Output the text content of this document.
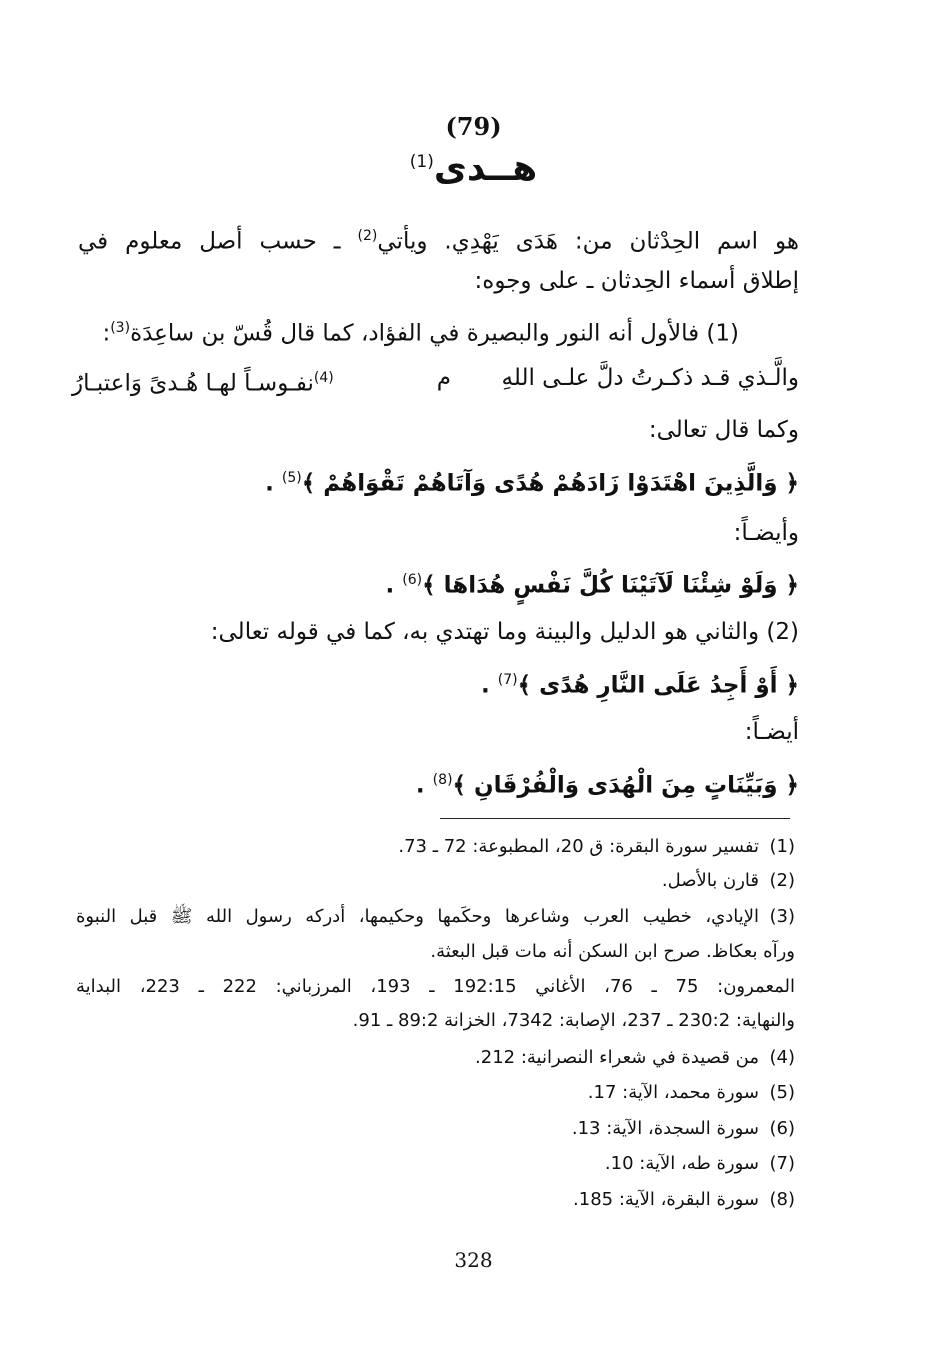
(79)
هــدى$^{(1)}$
هو اسم الحِدْثان من: هَدَى يَهْدِي. ويأتي$^{(2)}$ ـ حسب أصل معلوم في
إطلاق أسماء الحِدثان ـ على وجوه:
(1) فالأول أنه النور والبصيرة في الفؤاد، كما قال قُسّ بن ساعِدَة$^{(3)}$:
والَّـذي قـد ذكـرتُ دلَّ علـى اللهِ
م
$^{(4)}$نفـوسـاً لهـا هُـدىً وَاعتبـارُ
وكما قال تعالى:
﴿ وَالَّذِينَ اهْتَدَوْا زَادَهُمْ هُدًى وَآتَاهُمْ تَقْوَاهُمْ ﴾$^{(5)}$ .
وأيضـاً:
﴿ وَلَوْ شِئْنَا لَآتَيْنَا كُلَّ نَفْسٍ هُدَاهَا ﴾$^{(6)}$ .
(2) والثاني هو الدليل والبينة وما تهتدي به، كما في قوله تعالى:
﴿ أَوْ أَجِدُ عَلَى النَّارِ هُدًى ﴾$^{(7)}$ .
أيضـاً:
﴿ وَبَيِّنَاتٍ مِنَ الْهُدَى وَالْفُرْقَانِ ﴾$^{(8)}$ .
(1)تفسير سورة البقرة: ق 20، المطبوعة: 72 ـ 73.
(2)قارن بالأصل.
(3)الإيادي، خطيب العرب وشاعرها وحكَمها وحكيمها، أدركه رسول الله ﷺ قبل النبوة
ورآه بعكاظ. صرح ابن السكن أنه مات قبل البعثة.
المعمرون: 75 ـ 76، الأغاني 192:15 ـ 193، المرزباني: 222 ـ 223، البداية
والنهاية: 230:2 ـ 237، الإصابة: 7342، الخزانة 89:2 ـ 91.
(4)من قصيدة في شعراء النصرانية: 212.
(5)سورة محمد، الآية: 17.
(6)سورة السجدة، الآية: 13.
(7)سورة طه، الآية: 10.
(8)سورة البقرة، الآية: 185.
328
